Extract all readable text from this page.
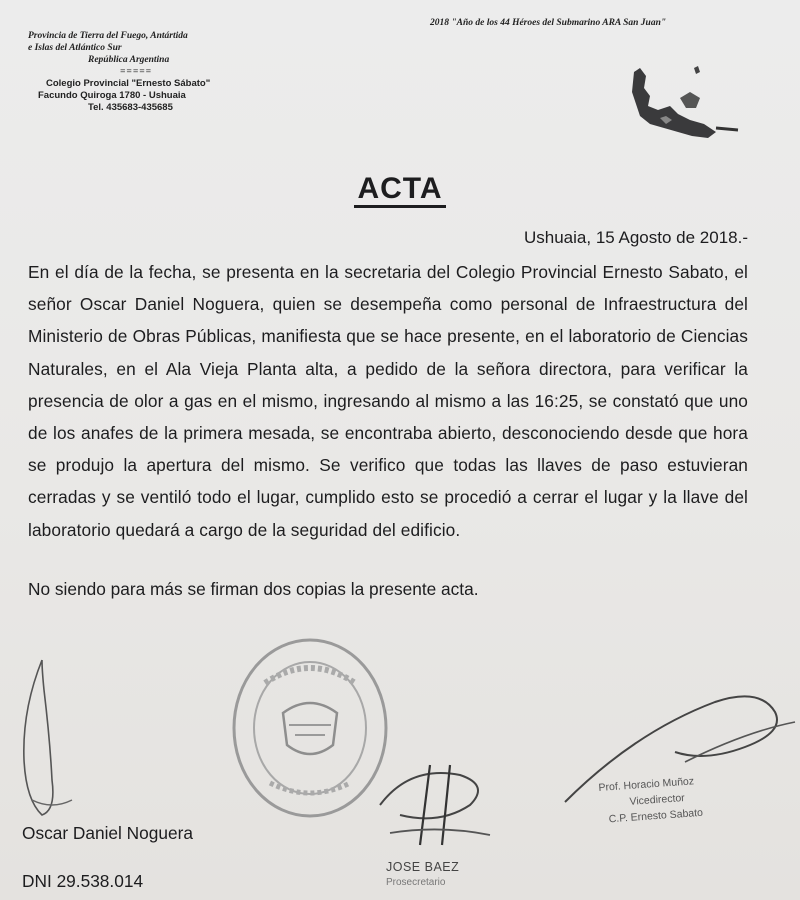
Provincia de Tierra del Fuego, Antártida
e Islas del Atlántico Sur
República Argentina
=====
Colegio Provincial "Ernesto Sábato"
Facundo Quiroga 1780 - Ushuaia
Tel. 435683-435685
2018 "Año de los 44 Héroes del Submarino ARA San Juan"
ACTA
Ushuaia, 15 Agosto de 2018.-
En el día de la fecha, se presenta en la secretaria del Colegio Provincial Ernesto Sabato, el señor Oscar Daniel Noguera, quien se desempeña como personal de Infraestructura del Ministerio de Obras Públicas, manifiesta que se hace presente, en el laboratorio de Ciencias Naturales, en el Ala Vieja Planta alta, a pedido de la señora directora, para verificar la presencia de olor a gas en el mismo, ingresando al mismo a las 16:25, se constató que uno de los anafes de la primera mesada, se encontraba abierto, desconociendo desde que hora se produjo la apertura del mismo. Se verifico que todas las llaves de paso estuvieran cerradas y se ventiló todo el lugar, cumplido esto se procedió a cerrar el lugar y la llave del laboratorio quedará a cargo de la seguridad del edificio.
No siendo para más se firman dos copias la presente acta.
Oscar Daniel Noguera
DNI 29.538.014
JOSE BAEZ
Prosecretario
Prof. Horacio Muñoz
Vicedirector
C.P. Ernesto Sabato
